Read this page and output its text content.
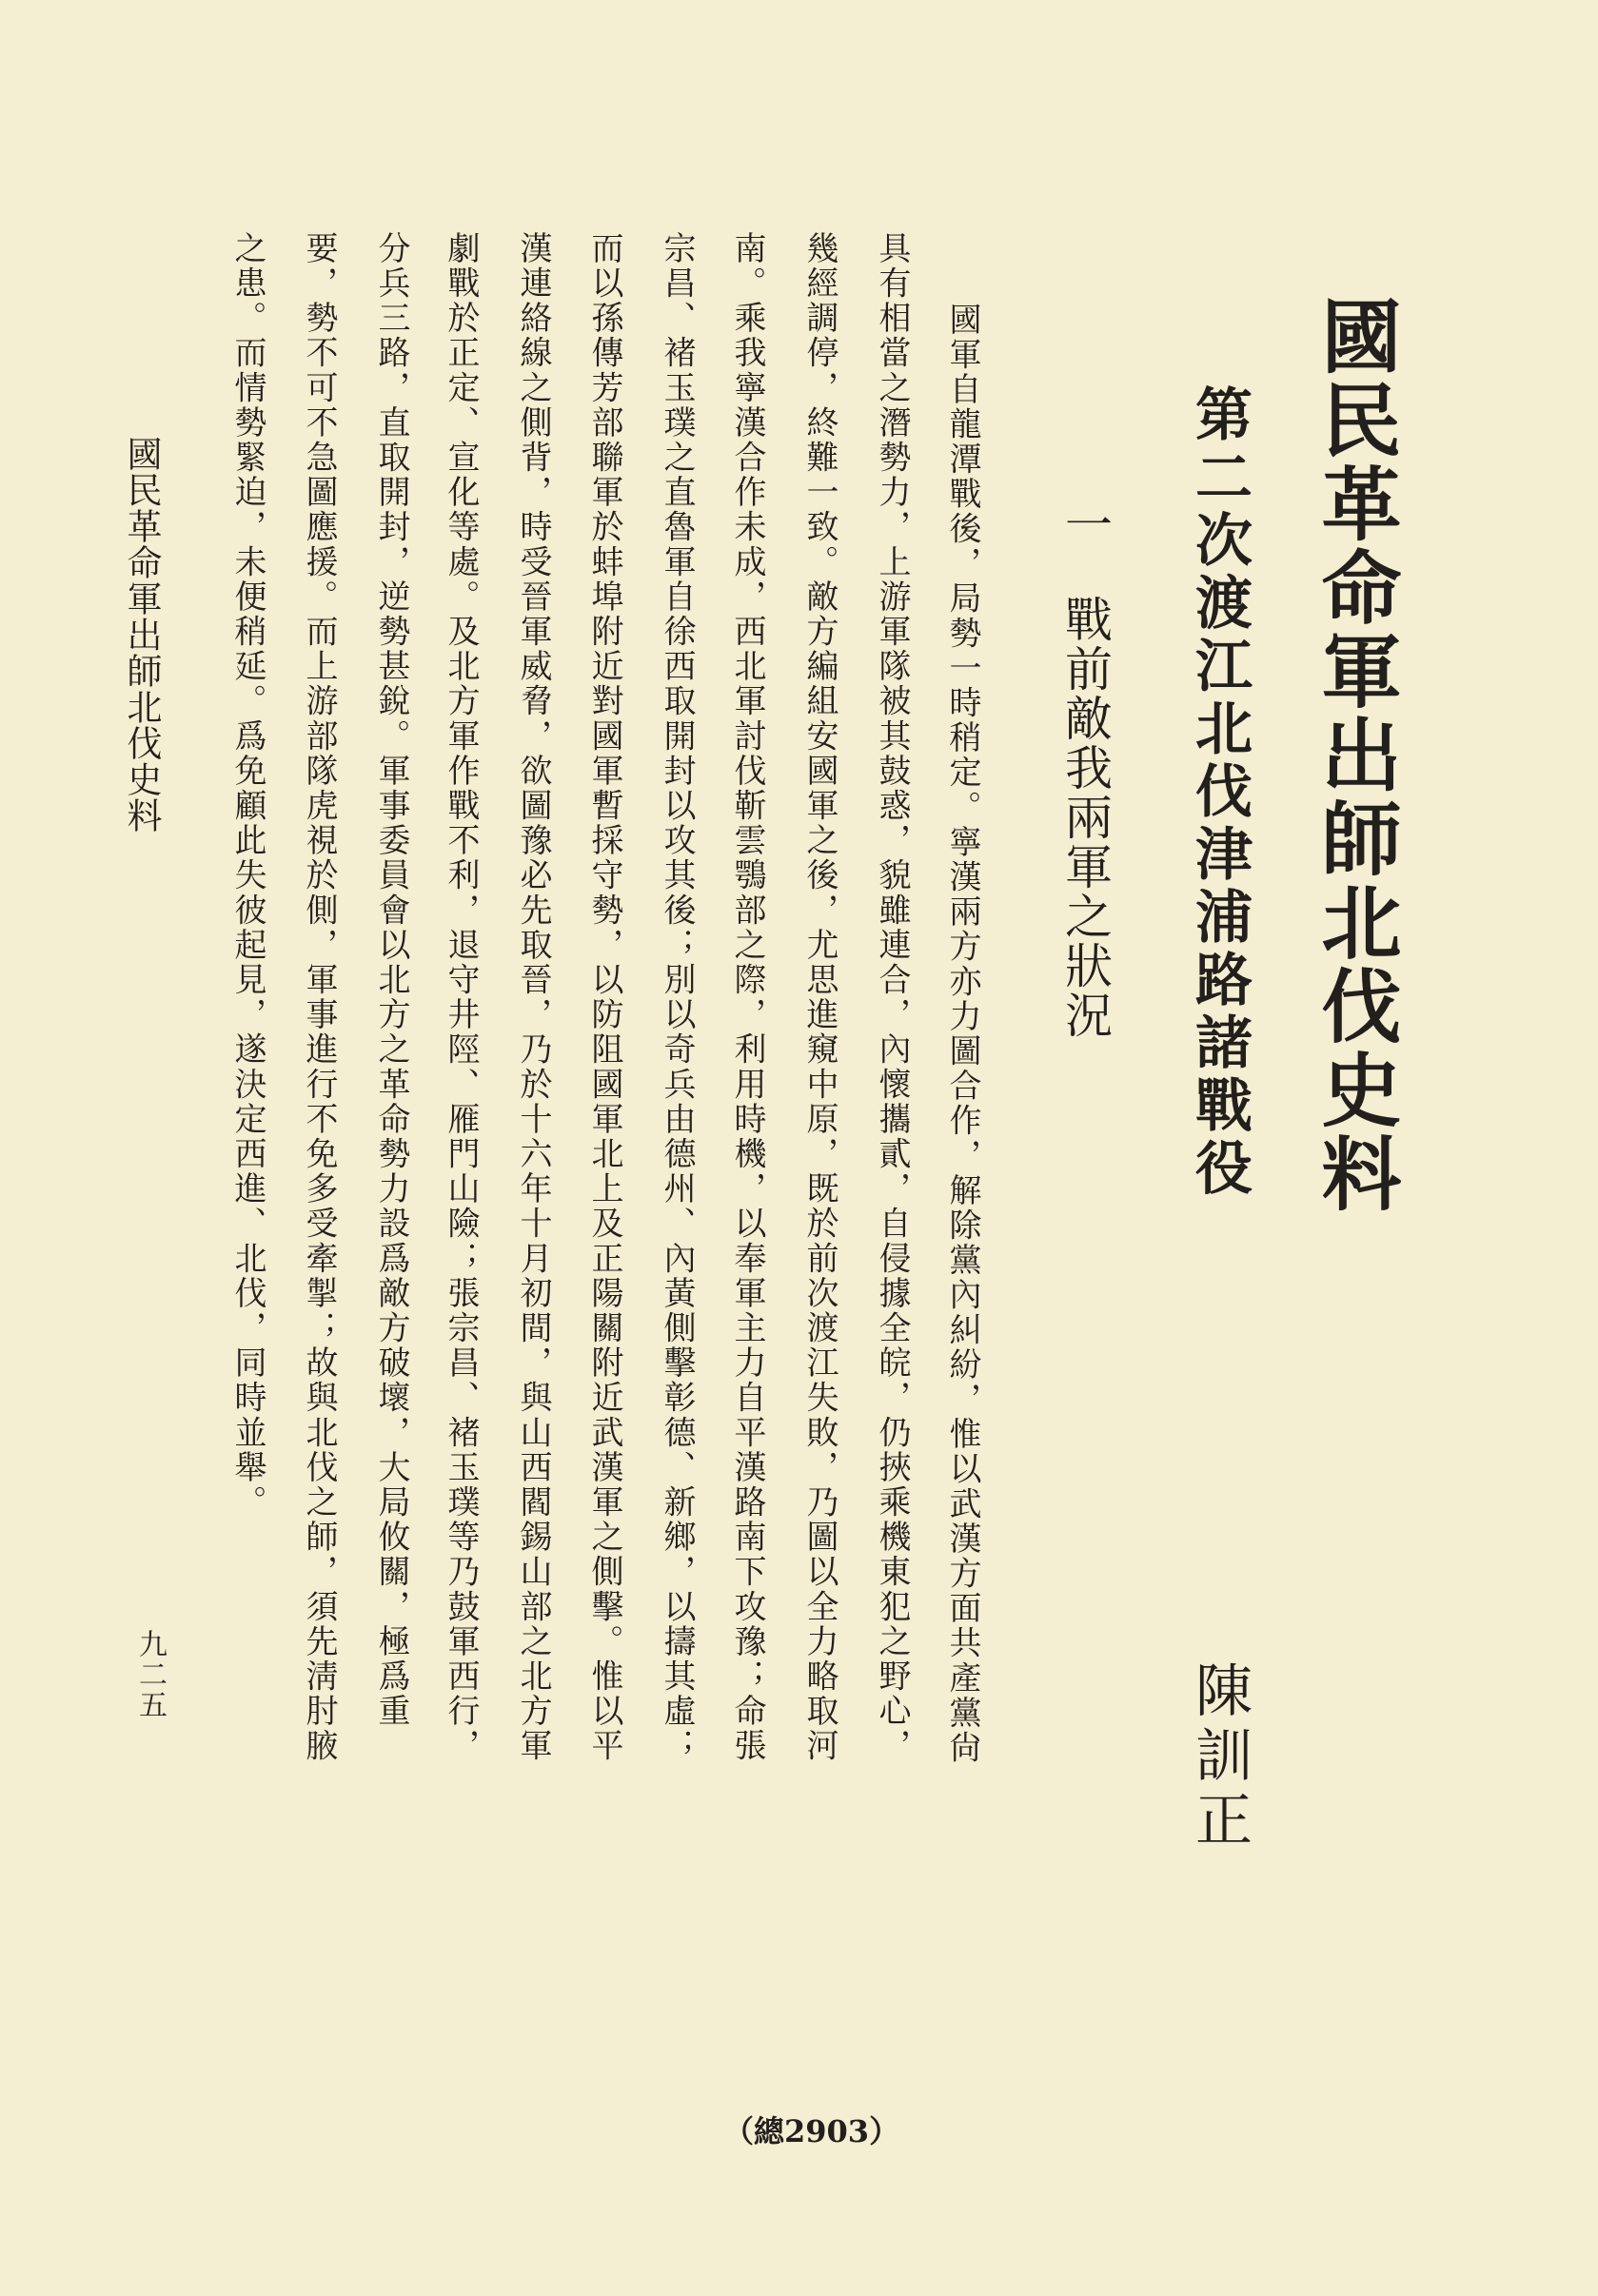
國民革命軍出師北伐史料
第二次渡江北伐津浦路諸戰役
陳訓正
一戰前敵我兩軍之狀況
國軍自龍潭戰後，局勢一時稍定。寧漢兩方亦力圖合作，解除黨內糾紛，惟以武漢方面共產黨尙
具有相當之潛勢力，上游軍隊被其鼓惑，貌雖連合，內懷攜貳，自侵據全皖，仍挾乘機東犯之野心，
幾經調停，終難一致。敵方編組安國軍之後，尤思進窺中原，既於前次渡江失敗，乃圖以全力略取河
南。乘我寧漢合作未成，西北軍討伐靳雲鶚部之際，利用時機，以奉軍主力自平漢路南下攻豫；命張
宗昌、褚玉璞之直魯軍自徐西取開封以攻其後；別以奇兵由德州、內黃側擊彰德、新鄉，以擣其虛；
而以孫傳芳部聯軍於蚌埠附近對國軍暫採守勢，以防阻國軍北上及正陽關附近武漢軍之側擊。惟以平
漢連絡線之側背，時受晉軍威脅，欲圖豫必先取晉，乃於十六年十月初間，與山西閻錫山部之北方軍
劇戰於正定、宣化等處。及北方軍作戰不利，退守井陘、雁門山險；張宗昌、褚玉璞等乃鼓軍西行，
分兵三路，直取開封，逆勢甚銳。軍事委員會以北方之革命勢力設爲敵方破壞，大局攸關，極爲重
要，勢不可不急圖應援。而上游部隊虎視於側，軍事進行不免多受牽掣；故與北伐之師，須先淸肘腋
之患。而情勢緊迫，未便稍延。爲免顧此失彼起見，遂決定西進、北伐，同時並舉。
國民革命軍出師北伐史料
九二五
（總2903）
